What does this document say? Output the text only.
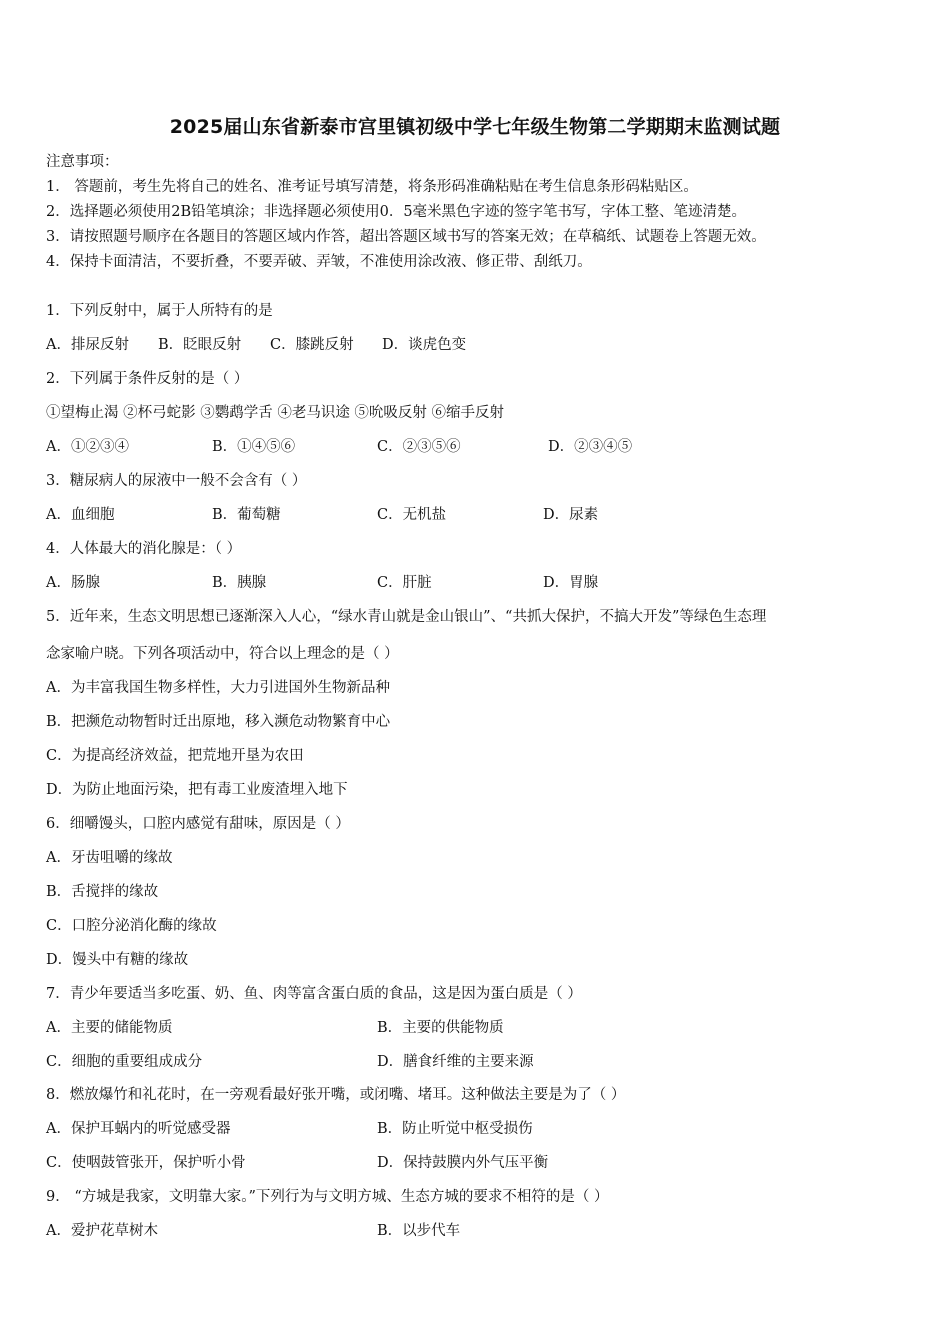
2025届山东省新泰市宫里镇初级中学七年级生物第二学期期末监测试题
注意事项：
1． 答题前，考生先将自己的姓名、准考证号填写清楚，将条形码准确粘贴在考生信息条形码粘贴区。
2．选择题必须使用2B铅笔填涂；非选择题必须使用0．5毫米黑色字迹的签字笔书写，字体工整、笔迹清楚。
3．请按照题号顺序在各题目的答题区域内作答，超出答题区域书写的答案无效；在草稿纸、试题卷上答题无效。
4．保持卡面清洁，不要折叠，不要弄破、弄皱，不准使用涂改液、修正带、刮纸刀。
1．下列反射中，属于人所特有的是
A．排尿反射 B．眨眼反射 C．膝跳反射 D．谈虎色变
2．下列属于条件反射的是（ ）
①望梅止渴 ②杯弓蛇影 ③鹦鹉学舌 ④老马识途 ⑤吮吸反射 ⑥缩手反射
A．①②③④	B．①④⑤⑥	C．②③⑤⑥	D．②③④⑤
3．糖尿病人的尿液中一般不会含有（ ）
A．血细胞	B．葡萄糖	C．无机盐	D．尿素
4．人体最大的消化腺是：（ ）
A．肠腺	B．胰腺	C．肝脏	D．胃腺
5．近年来，生态文明思想已逐渐深入人心，“绿水青山就是金山银山”、“共抓大保护，不搞大开发”等绿色生态理
念家喻户晓。下列各项活动中，符合以上理念的是（ ）
A．为丰富我国生物多样性，大力引进国外生物新品种
B．把濒危动物暂时迁出原地，移入濒危动物繁育中心
C．为提高经济效益，把荒地开垦为农田
D．为防止地面污染，把有毒工业废渣埋入地下
6．细嚼馒头，口腔内感觉有甜味，原因是（ ）
A．牙齿咀嚼的缘故
B．舌搅拌的缘故
C．口腔分泌消化酶的缘故
D．馒头中有糖的缘故
7．青少年要适当多吃蛋、奶、鱼、肉等富含蛋白质的食品，这是因为蛋白质是（ ）
A．主要的储能物质	B．主要的供能物质
C．细胞的重要组成成分	D．膳食纤维的主要来源
8．燃放爆竹和礼花时，在一旁观看最好张开嘴，或闭嘴、堵耳。这种做法主要是为了（ ）
A．保护耳蜗内的听觉感受器	B．防止听觉中枢受损伤
C．使咽鼓管张开，保护听小骨	D．保持鼓膜内外气压平衡
9． “方城是我家，文明靠大家。”下列行为与文明方城、生态方城的要求不相符的是（ ）
A．爱护花草树木	B．以步代车
